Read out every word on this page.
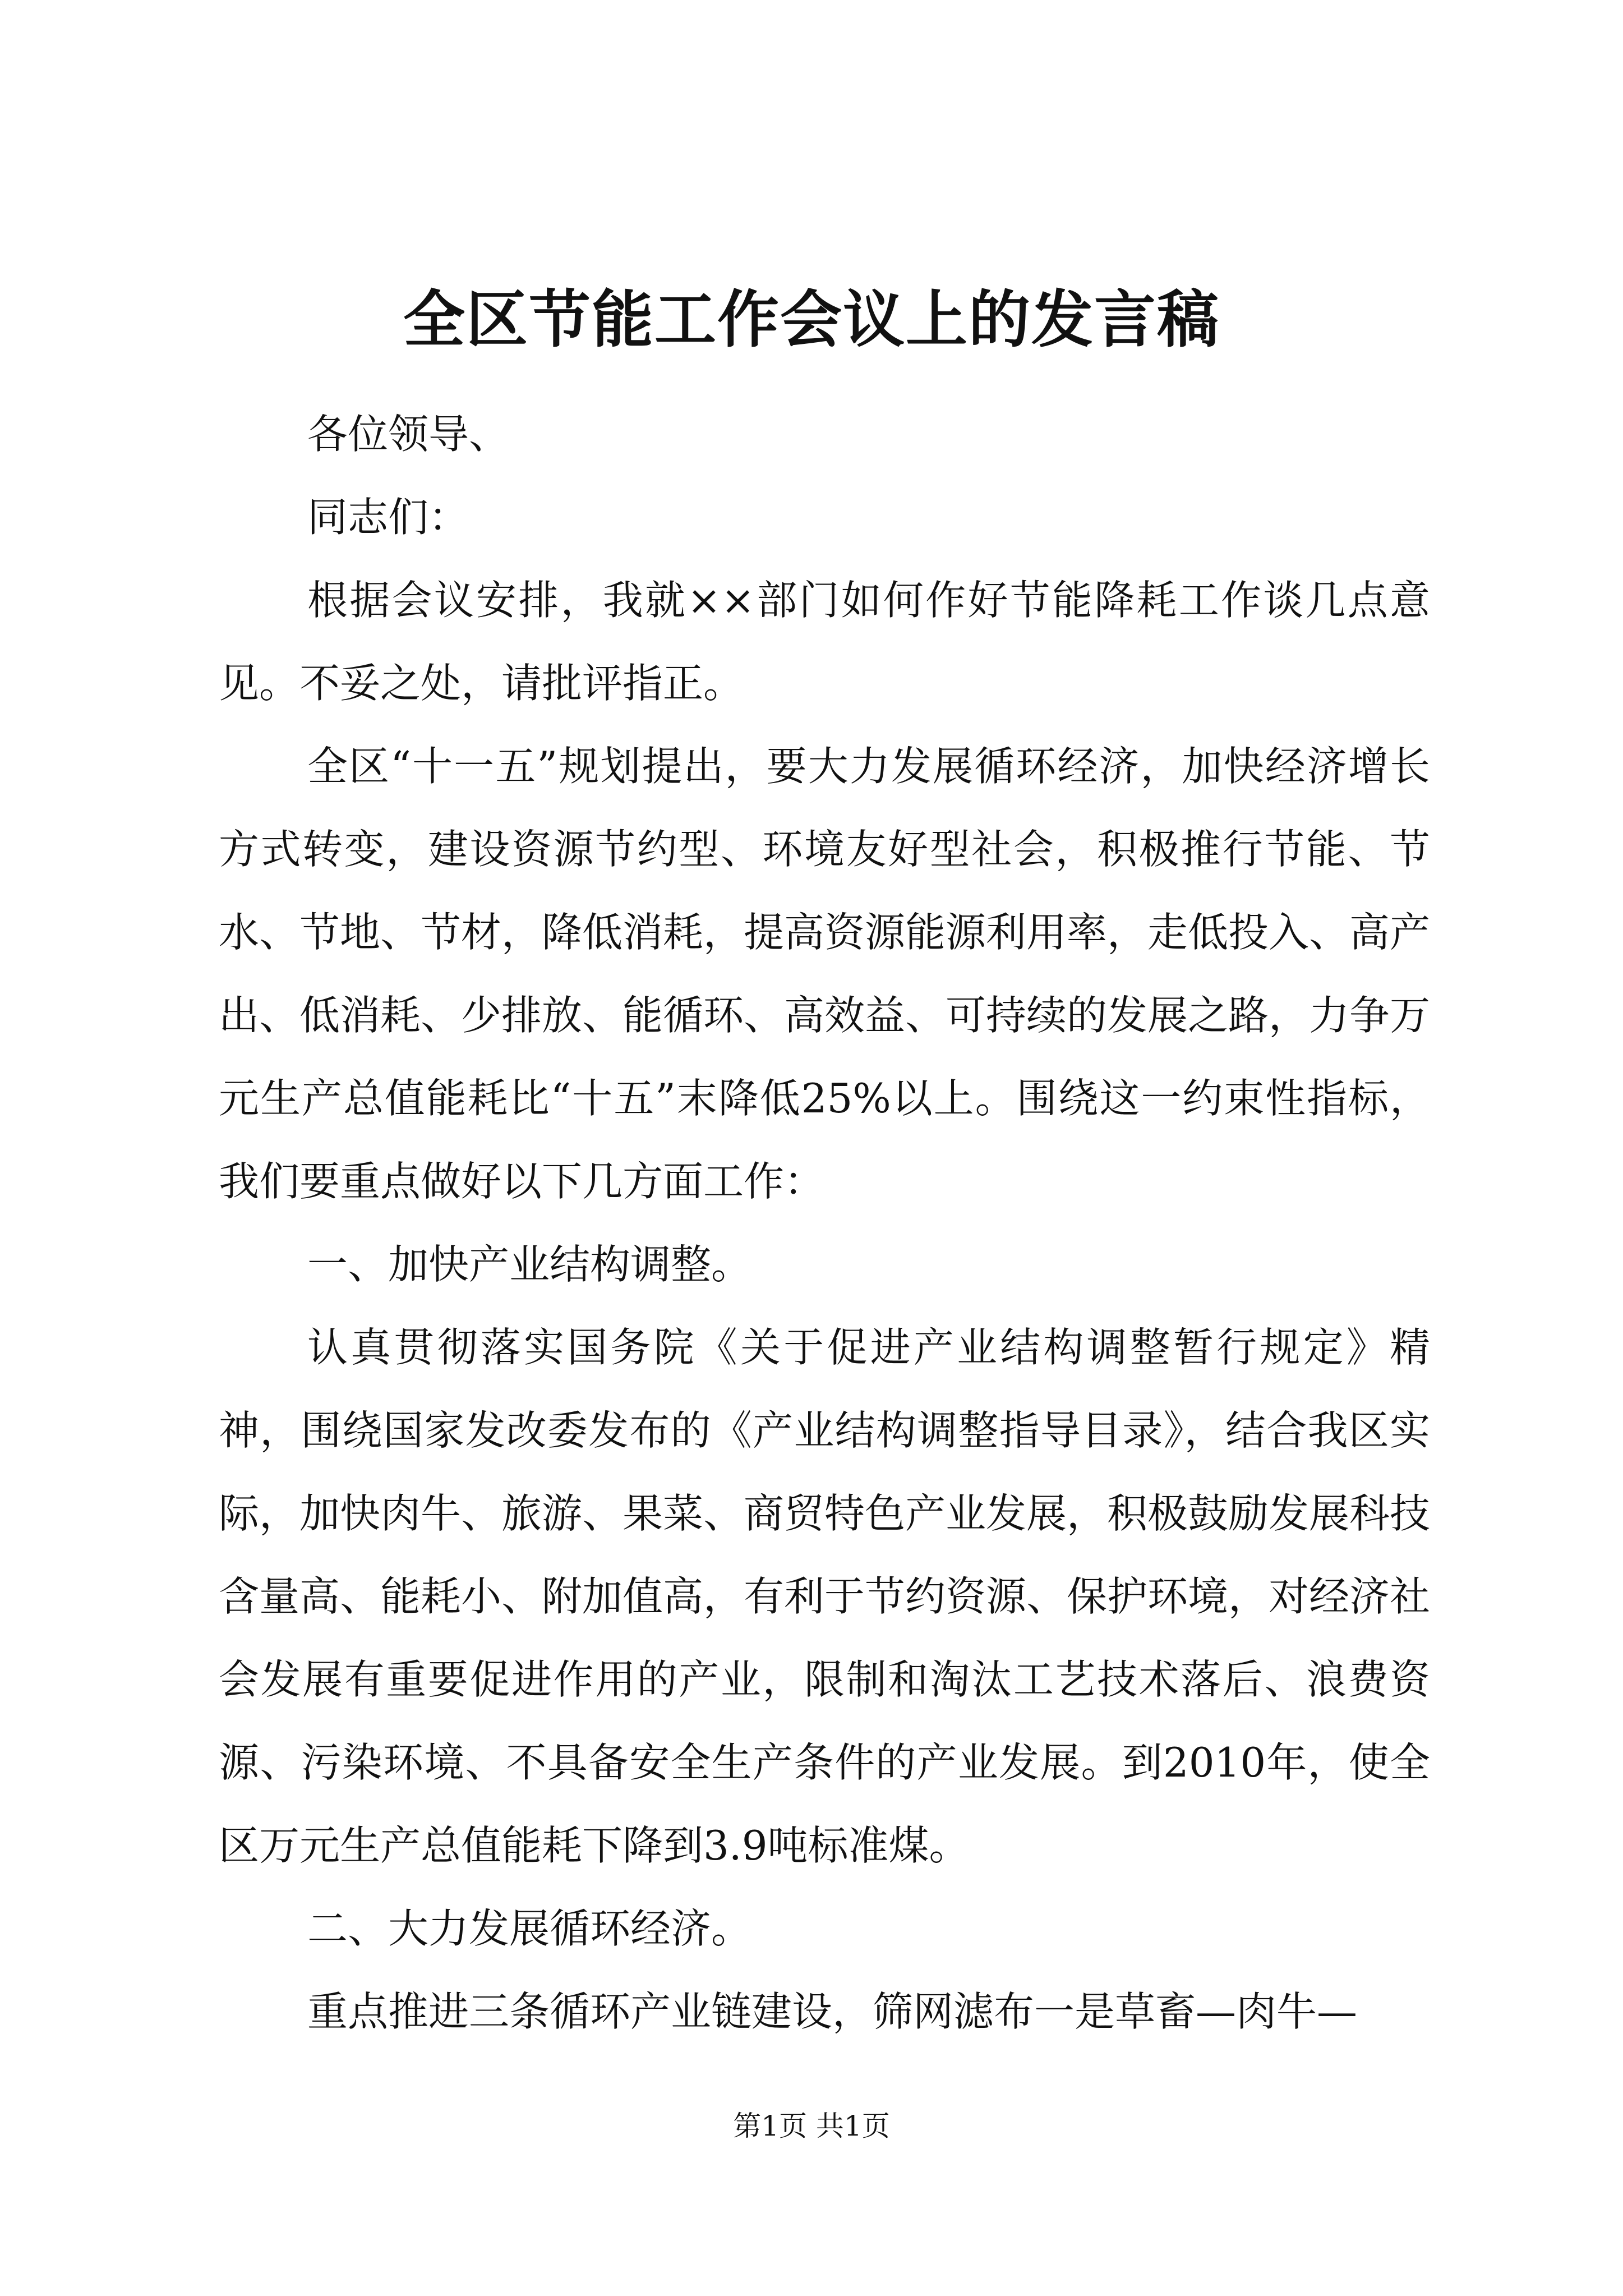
全区节能工作会议上的发言稿

各位领导、

同志们：

根据会议安排，我就××部门如何作好节能降耗工作谈几点意见。不妥之处，请批评指正。

全区“十一五”规划提出，要大力发展循环经济，加快经济增长方式转变，建设资源节约型、环境友好型社会，积极推行节能、节水、节地、节材，降低消耗，提高资源能源利用率，走低投入、高产出、低消耗、少排放、能循环、高效益、可持续的发展之路，力争万元生产总值能耗比“十五”末降低25%以上。围绕这一约束性指标，我们要重点做好以下几方面工作：

一、加快产业结构调整。

认真贯彻落实国务院《关于促进产业结构调整暂行规定》精神，围绕国家发改委发布的《产业结构调整指导目录》，结合我区实际，加快肉牛、旅游、果菜、商贸特色产业发展，积极鼓励发展科技含量高、能耗小、附加值高，有利于节约资源、保护环境，对经济社会发展有重要促进作用的产业，限制和淘汰工艺技术落后、浪费资源、污染环境、不具备安全生产条件的产业发展。到2010年，使全区万元生产总值能耗下降到3.9吨标准煤。

二、大力发展循环经济。

重点推进三条循环产业链建设，筛网滤布一是草畜—肉牛—

第1页 共1页
